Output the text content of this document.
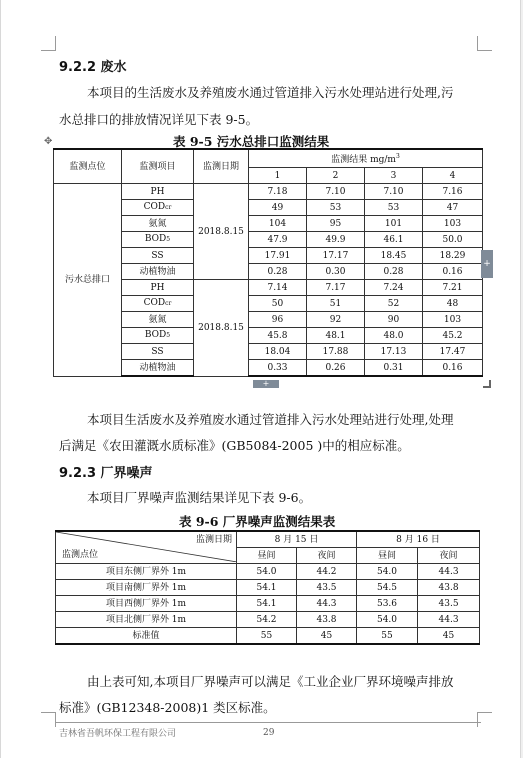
9.2.2 废水
本项目的生活废水及养殖废水通过管道排入污水处理站进行处理,污
水总排口的排放情况详见下表 9-5。
表 9-5 污水总排口监测结果
✥
监测点位	监测项目	监测日期	监测结果 $mg/m^3$
			1	2	3	4
污水总排口	PH	2018.8.15	7.18	7.10	7.10	7.16
	CODcr		49	53	53	47
	氨氮		104	95	101	103
	BOD5		47.9	49.9	46.1	50.0
	SS		17.91	17.17	18.45	18.29
	动植物油		0.28	0.30	0.28	0.16
	PH	2018.8.15	7.14	7.17	7.24	7.21
	CODcr		50	51	52	48
	氨氮		96	92	90	103
	BOD5		45.8	48.1	48.0	45.2
	SS		18.04	17.88	17.13	17.47
	动植物油		0.33	0.26	0.31	0.16
+
+
本项目生活废水及养殖废水通过管道排入污水处理站进行处理,处理
后满足《农田灌溉水质标准》(GB5084-2005 )中的相应标准。
9.2.3 厂界噪声
本项目厂界噪声监测结果详见下表 9-6。
表 9-6 厂界噪声监测结果表
监测日期
监测点位	8 月 15 日		8 月 16 日	
	昼间	夜间	昼间	夜间
项目东侧厂界外 1m	54.0	44.2	54.0	44.3
项目南侧厂界外 1m	54.1	43.5	54.5	43.8
项目西侧厂界外 1m	54.1	44.3	53.6	43.5
项目北侧厂界外 1m	54.2	43.8	54.0	44.3
标准值	55	45	55	45
由上表可知,本项目厂界噪声可以满足《工业企业厂界环境噪声排放
标准》(GB12348-2008)1 类区标准。
吉林省吾帆环保工程有限公司	29
